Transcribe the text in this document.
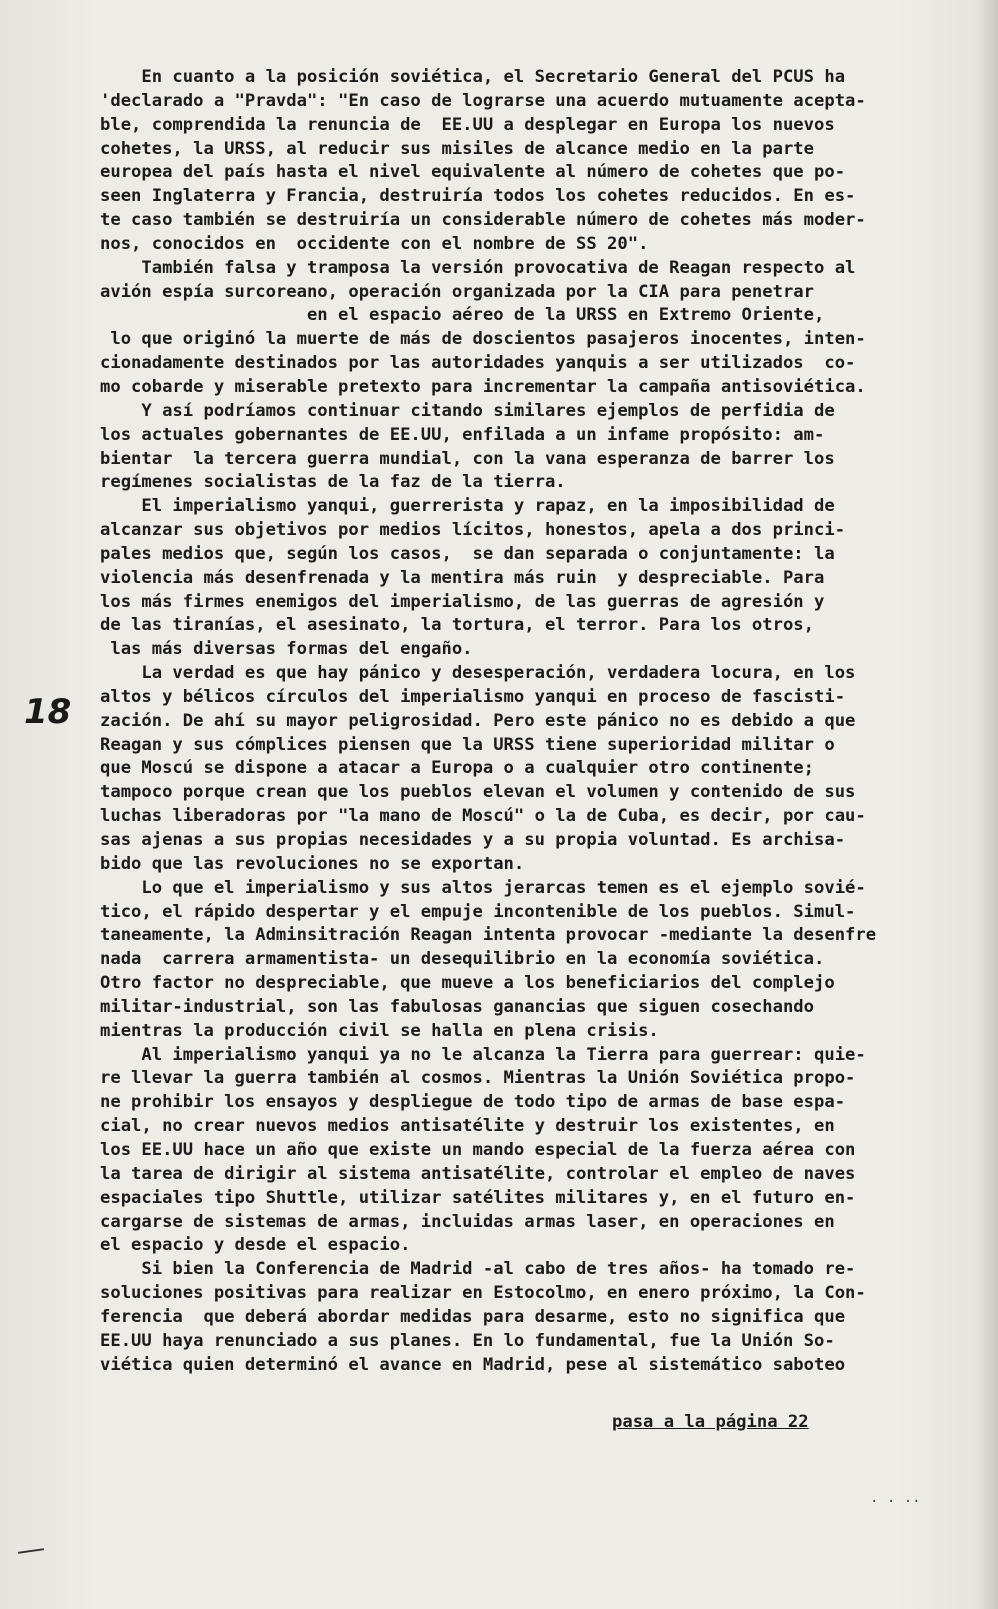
18
En cuanto a la posición soviética, el Secretario General del PCUS ha
'declarado a "Pravda": "En caso de lograrse una acuerdo mutuamente acepta-
ble, comprendida la renuncia de  EE.UU a desplegar en Europa los nuevos
cohetes, la URSS, al reducir sus misiles de alcance medio en la parte
europea del país hasta el nivel equivalente al número de cohetes que po-
seen Inglaterra y Francia, destruiría todos los cohetes reducidos. En es-
te caso también se destruiría un considerable número de cohetes más moder-
nos, conocidos en  occidente con el nombre de SS 20".
También falsa y tramposa la versión provocativa de Reagan respecto al
avión espía surcoreano, operación organizada por la CIA para penetrar
en el espacio aéreo de la URSS en Extremo Oriente,
lo que originó la muerte de más de doscientos pasajeros inocentes, inten-
cionadamente destinados por las autoridades yanquis a ser utilizados  co-
mo cobarde y miserable pretexto para incrementar la campaña antisoviética.
Y así podríamos continuar citando similares ejemplos de perfidia de
los actuales gobernantes de EE.UU, enfilada a un infame propósito: am-
bientar  la tercera guerra mundial, con la vana esperanza de barrer los
regímenes socialistas de la faz de la tierra.
El imperialismo yanqui, guerrerista y rapaz, en la imposibilidad de
alcanzar sus objetivos por medios lícitos, honestos, apela a dos princi-
pales medios que, según los casos,  se dan separada o conjuntamente: la
violencia más desenfrenada y la mentira más ruin  y despreciable. Para
los más firmes enemigos del imperialismo, de las guerras de agresión y
de las tiranías, el asesinato, la tortura, el terror. Para los otros,
las más diversas formas del engaño.
La verdad es que hay pánico y desesperación, verdadera locura, en los
altos y bélicos círculos del imperialismo yanqui en proceso de fascisti-
zación. De ahí su mayor peligrosidad. Pero este pánico no es debido a que
Reagan y sus cómplices piensen que la URSS tiene superioridad militar o
que Moscú se dispone a atacar a Europa o a cualquier otro continente;
tampoco porque crean que los pueblos elevan el volumen y contenido de sus
luchas liberadoras por "la mano de Moscú" o la de Cuba, es decir, por cau-
sas ajenas a sus propias necesidades y a su propia voluntad. Es archisa-
bido que las revoluciones no se exportan.
Lo que el imperialismo y sus altos jerarcas temen es el ejemplo sovié-
tico, el rápido despertar y el empuje incontenible de los pueblos. Simul-
taneamente, la Adminsitración Reagan intenta provocar -mediante la desenfre
nada  carrera armamentista- un desequilibrio en la economía soviética.
Otro factor no despreciable, que mueve a los beneficiarios del complejo
militar-industrial, son las fabulosas ganancias que siguen cosechando
mientras la producción civil se halla en plena crisis.
Al imperialismo yanqui ya no le alcanza la Tierra para guerrear: quie-
re llevar la guerra también al cosmos. Mientras la Unión Soviética propo-
ne prohibir los ensayos y despliegue de todo tipo de armas de base espa-
cial, no crear nuevos medios antisatélite y destruir los existentes, en
los EE.UU hace un año que existe un mando especial de la fuerza aérea con
la tarea de dirigir al sistema antisatélite, controlar el empleo de naves
espaciales tipo Shuttle, utilizar satélites militares y, en el futuro en-
cargarse de sistemas de armas, incluidas armas laser, en operaciones en
el espacio y desde el espacio.
Si bien la Conferencia de Madrid -al cabo de tres años- ha tomado re-
soluciones positivas para realizar en Estocolmo, en enero próximo, la Con-
ferencia  que deberá abordar medidas para desarme, esto no significa que
EE.UU haya renunciado a sus planes. En lo fundamental, fue la Unión So-
viética quien determinó el avance en Madrid, pese al sistemático saboteo
pasa a la página 22
. . ..
